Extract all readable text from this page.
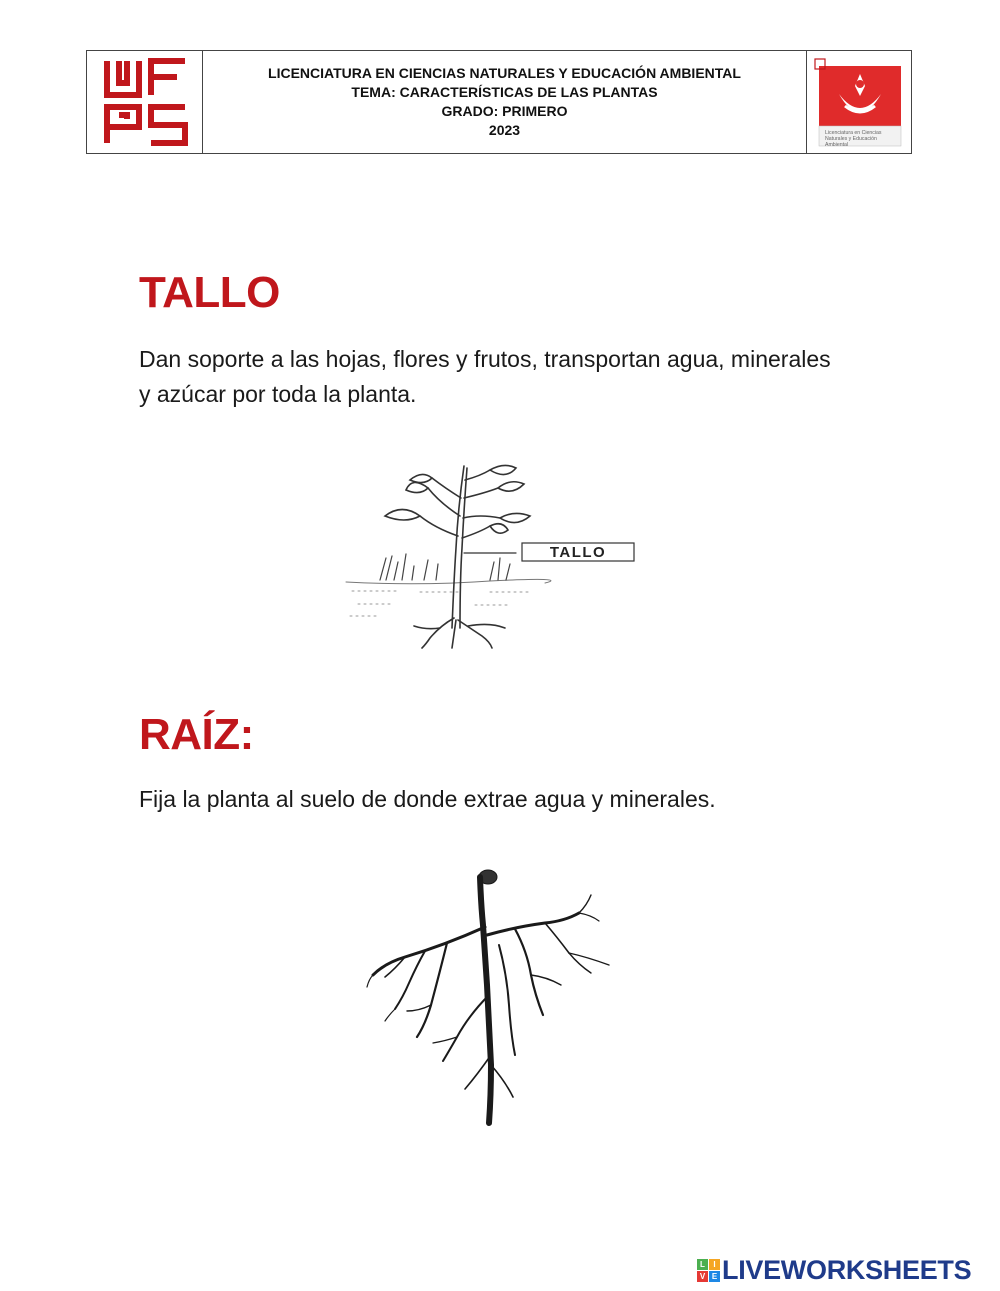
LICENCIATURA EN CIENCIAS NATURALES Y EDUCACIÓN AMBIENTAL
TEMA: CARACTERÍSTICAS DE LAS PLANTAS
GRADO: PRIMERO
2023	Licenciatura en Ciencias
Naturales y Educación
Ambiental
TALLO

Dan soporte a las hojas, flores y frutos, transportan agua, minerales y azúcar por toda la planta.

TALLO
RAÍZ:

Fija la planta al suelo de donde extrae agua y minerales.

L	I
V E LIVEWORKSHEETS
